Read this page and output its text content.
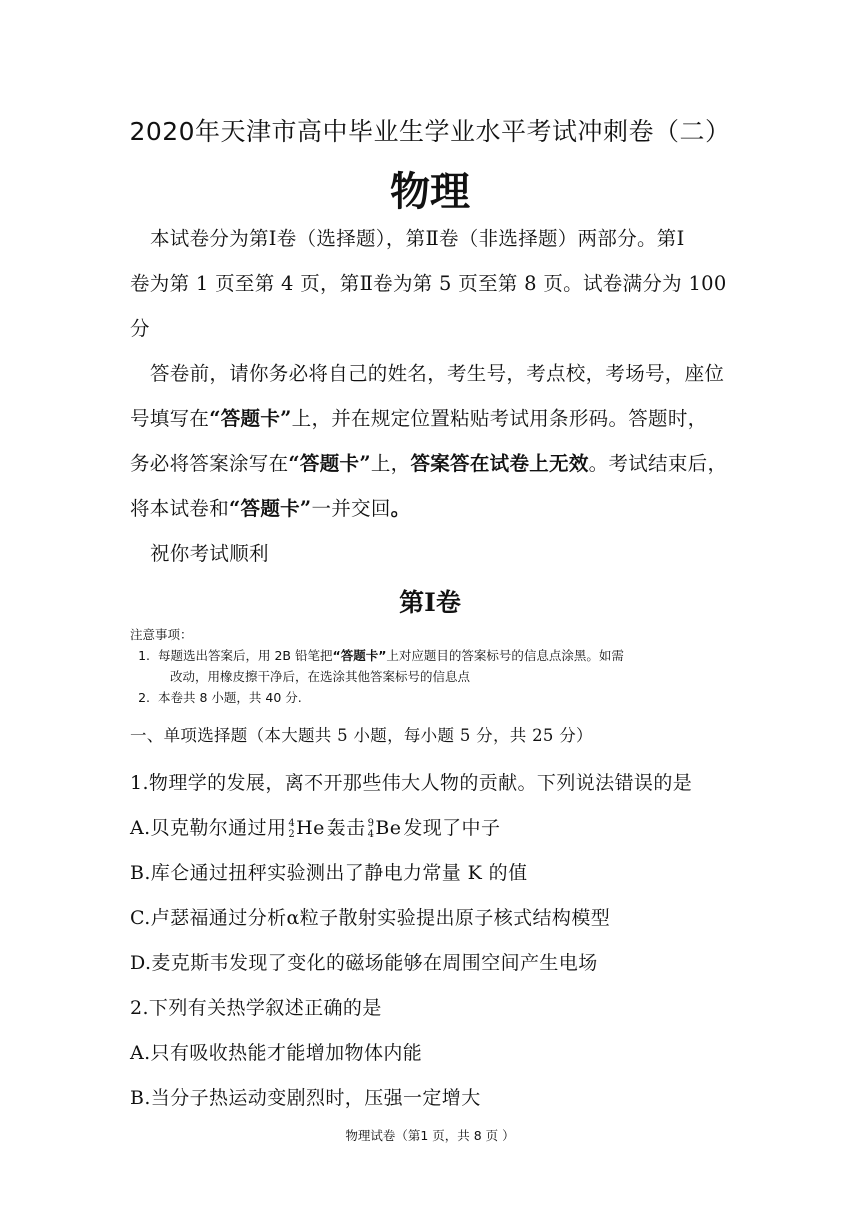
2020年天津市高中毕业生学业水平考试冲刺卷（二）
物理
本试卷分为第Ⅰ卷（选择题），第Ⅱ卷（非选择题）两部分。第Ⅰ
卷为第 1 页至第 4 页，第Ⅱ卷为第 5 页至第 8 页。试卷满分为 100
分
答卷前，请你务必将自己的姓名，考生号，考点校，考场号，座位
号填写在“答题卡”上，并在规定位置粘贴考试用条形码。答题时，
务必将答案涂写在“答题卡”上，答案答在试卷上无效。考试结束后，
将本试卷和“答题卡”一并交回。
祝你考试顺利
第Ⅰ卷
注意事项：
1. 每题选出答案后，用 2B 铅笔把“答题卡”上对应题目的答案标号的信息点涂黑。如需
改动，用橡皮擦干净后，在选涂其他答案标号的信息点
2. 本卷共 8 小题，共 40 分.
一、单项选择题（本大题共 5 小题，每小题 5 分，共 25 分）
1.物理学的发展，离不开那些伟大人物的贡献。下列说法错误的是
A.贝克勒尔通过用 4
2 He 轰击 9
4 Be 发现了中子
B.库仑通过扭秤实验测出了静电力常量 K 的值
C.卢瑟福通过分析α粒子散射实验提出原子核式结构模型
D.麦克斯韦发现了变化的磁场能够在周围空间产生电场
2.下列有关热学叙述正确的是
A.只有吸收热能才能增加物体内能
B.当分子热运动变剧烈时，压强一定增大
物理试卷（第1 页，共 8 页 ）
